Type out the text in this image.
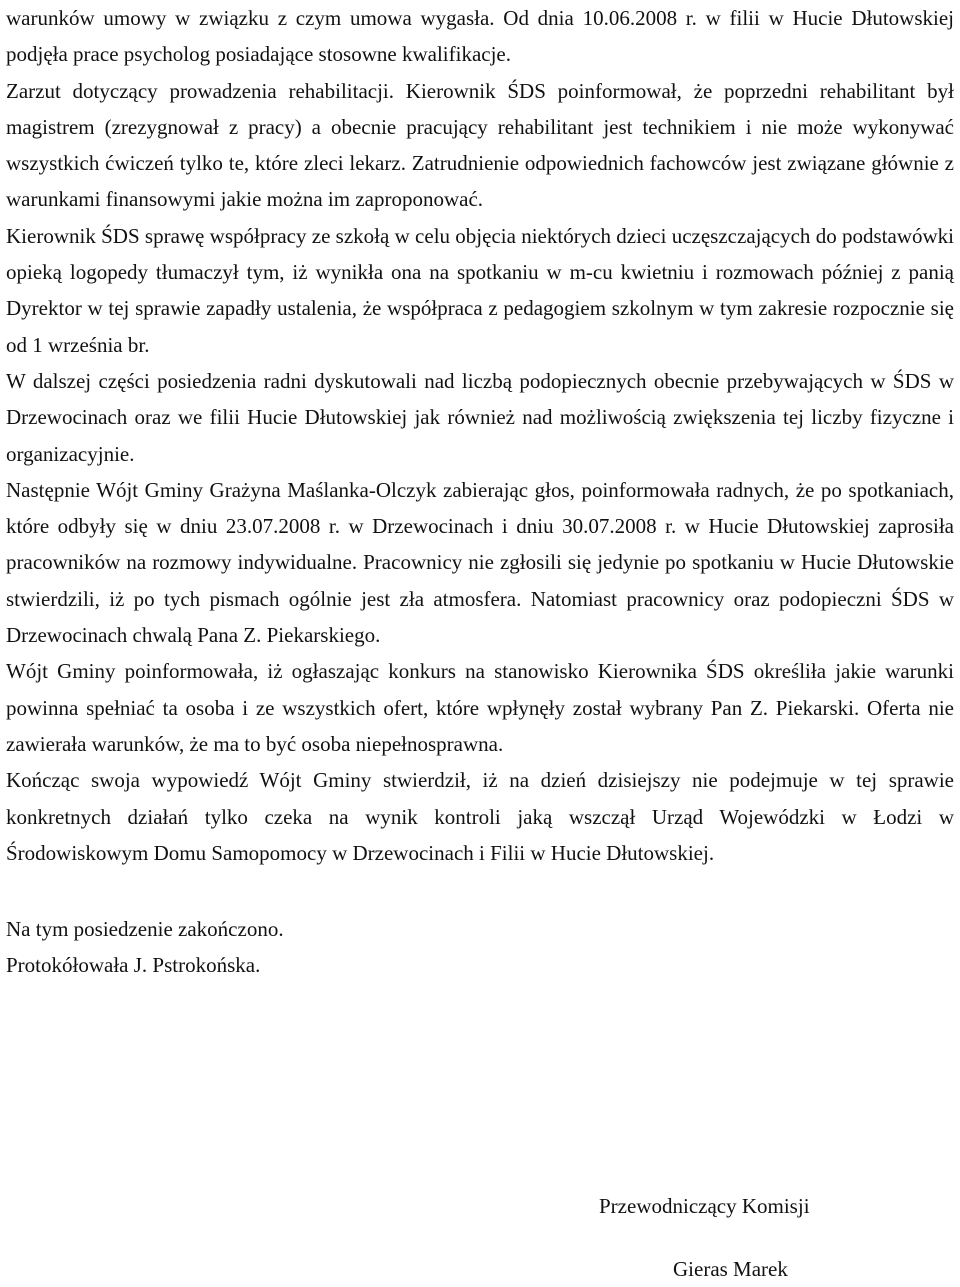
warunków umowy w związku z czym umowa wygasła. Od dnia 10.06.2008 r. w filii w Hucie Dłutowskiej podjęła prace psycholog posiadające stosowne kwalifikacje.

Zarzut dotyczący prowadzenia rehabilitacji. Kierownik ŚDS poinformował, że poprzedni rehabilitant był magistrem (zrezygnował z pracy) a obecnie pracujący rehabilitant jest technikiem i nie może wykonywać wszystkich ćwiczeń tylko te, które zleci lekarz. Zatrudnienie odpowiednich fachowców jest związane głównie z warunkami finansowymi jakie można im zaproponować.

Kierownik ŚDS sprawę współpracy ze szkołą w celu objęcia niektórych dzieci uczęszczających do podstawówki opieką logopedy tłumaczył tym, iż wynikła ona na spotkaniu w m-cu kwietniu i rozmowach później z panią Dyrektor w tej sprawie zapadły ustalenia, że współpraca z pedagogiem szkolnym w tym zakresie rozpocznie się od 1 września br.

W dalszej części posiedzenia radni dyskutowali nad liczbą podopiecznych obecnie przebywających w ŚDS w Drzewocinach oraz we filii Hucie Dłutowskiej jak również nad możliwością zwiększenia tej liczby fizyczne i organizacyjnie.

Następnie Wójt Gminy Grażyna Maślanka-Olczyk zabierając głos, poinformowała radnych, że po spotkaniach, które odbyły się w dniu 23.07.2008 r. w Drzewocinach i dniu 30.07.2008 r. w Hucie Dłutowskiej zaprosiła pracowników na rozmowy indywidualne. Pracownicy nie zgłosili się jedynie po spotkaniu w Hucie Dłutowskie stwierdzili, iż po tych pismach ogólnie jest zła atmosfera. Natomiast pracownicy oraz podopieczni ŚDS w Drzewocinach chwalą Pana Z. Piekarskiego.

Wójt Gminy poinformowała, iż ogłaszając konkurs na stanowisko Kierownika ŚDS określiła jakie warunki powinna spełniać ta osoba i ze wszystkich ofert, które wpłynęły został wybrany Pan Z. Piekarski. Oferta nie zawierała warunków, że ma to być osoba niepełnosprawna.

Kończąc swoja wypowiedź Wójt Gminy stwierdził, iż na dzień dzisiejszy nie podejmuje w tej sprawie konkretnych działań tylko czeka na wynik kontroli jaką wszczął Urząd Wojewódzki w Łodzi w Środowiskowym Domu Samopomocy w Drzewocinach i Filii w Hucie Dłutowskiej.

Na tym posiedzenie zakończono.

Protokółowała J. Pstrokońska.

Przewodniczący Komisji
Gieras Marek
